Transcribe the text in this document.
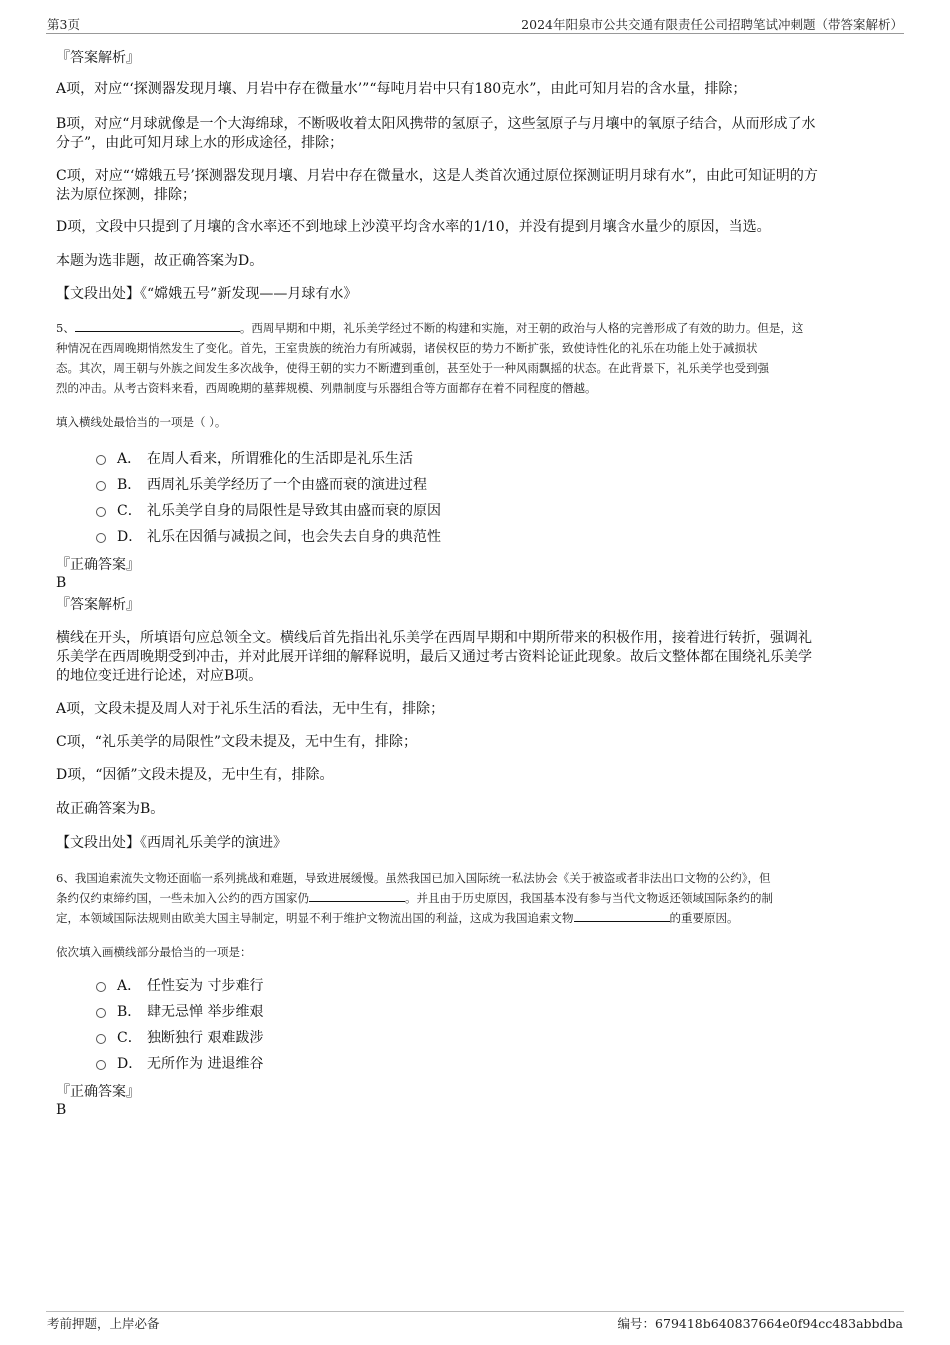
第3页	2024年阳泉市公共交通有限责任公司招聘笔试冲刺题（带答案解析）
『答案解析』
A项，对应“‘探测器发现月壤、月岩中存在微量水’”“每吨月岩中只有180克水”，由此可知月岩的含水量，排除；
B项，对应“月球就像是一个大海绵球，不断吸收着太阳风携带的氢原子，这些氢原子与月壤中的氧原子结合，从而形成了水
分子”，由此可知月球上水的形成途径，排除；
C项，对应“‘嫦娥五号’探测器发现月壤、月岩中存在微量水，这是人类首次通过原位探测证明月球有水”，由此可知证明的方
法为原位探测，排除；
D项，文段中只提到了月壤的含水率还不到地球上沙漠平均含水率的1/10，并没有提到月壤含水量少的原因，当选。
本题为选非题，故正确答案为D。
【文段出处】《“嫦娥五号”新发现——月球有水》
5、	。西周早期和中期，礼乐美学经过不断的构建和实施，对王朝的政治与人格的完善形成了有效的助力。但是，这
种情况在西周晚期悄然发生了变化。首先，王室贵族的统治力有所减弱，诸侯权臣的势力不断扩张，致使诗性化的礼乐在功能上处于减损状
态。其次，周王朝与外族之间发生多次战争，使得王朝的实力不断遭到重创，甚至处于一种风雨飘摇的状态。在此背景下，礼乐美学也受到强
烈的冲击。从考古资料来看，西周晚期的墓葬规模、列鼎制度与乐器组合等方面都存在着不同程度的僭越。
填入横线处最恰当的一项是（ ）。
A． 在周人看来，所谓雅化的生活即是礼乐生活
B． 西周礼乐美学经历了一个由盛而衰的演进过程
C． 礼乐美学自身的局限性是导致其由盛而衰的原因
D． 礼乐在因循与减损之间，也会失去自身的典范性
『正确答案』
B
『答案解析』
横线在开头，所填语句应总领全文。横线后首先指出礼乐美学在西周早期和中期所带来的积极作用，接着进行转折，强调礼
乐美学在西周晚期受到冲击，并对此展开详细的解释说明，最后又通过考古资料论证此现象。故后文整体都在围绕礼乐美学
的地位变迁进行论述，对应B项。
A项，文段未提及周人对于礼乐生活的看法，无中生有，排除；
C项，“礼乐美学的局限性”文段未提及，无中生有，排除；
D项，“因循”文段未提及，无中生有，排除。
故正确答案为B。
【文段出处】《西周礼乐美学的演进》
6、我国追索流失文物还面临一系列挑战和难题，导致进展缓慢。虽然我国已加入国际统一私法协会《关于被盗或者非法出口文物的公约》，但
条约仅约束缔约国，一些未加入公约的西方国家仍	。并且由于历史原因，我国基本没有参与当代文物返还领域国际条约的制
定，本领域国际法规则由欧美大国主导制定，明显不利于维护文物流出国的利益，这成为我国追索文物	的重要原因。
依次填入画横线部分最恰当的一项是：
A． 任性妄为 寸步难行
B． 肆无忌惮 举步维艰
C． 独断独行 艰难跋涉
D． 无所作为 进退维谷
『正确答案』
B
考前押题，上岸必备	编号：679418b640837664e0f94cc483abbdba
